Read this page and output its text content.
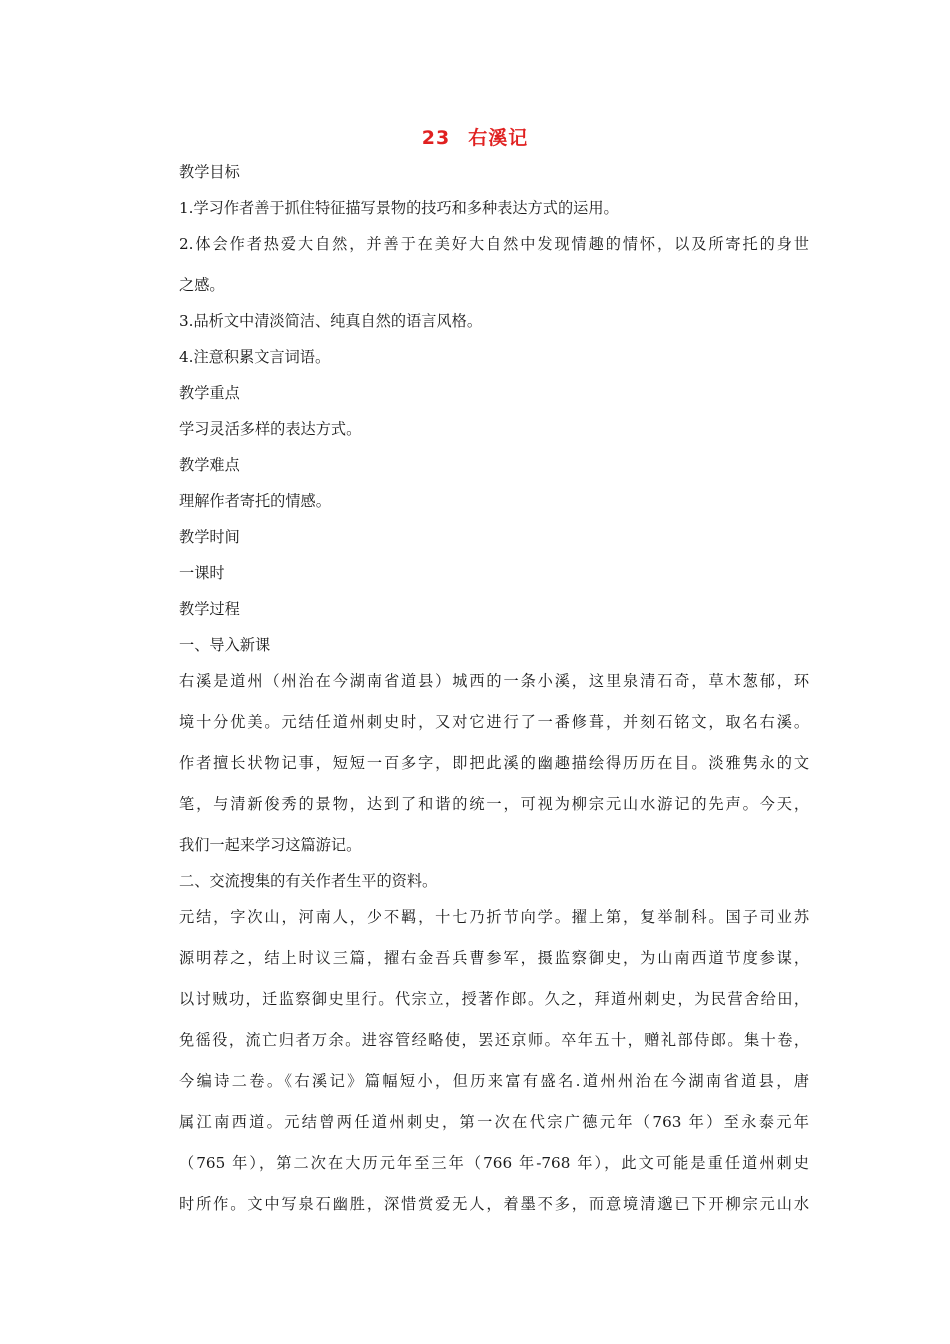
23 右溪记
教学目标
1.学习作者善于抓住特征描写景物的技巧和多种表达方式的运用。
2.体会作者热爱大自然，并善于在美好大自然中发现情趣的情怀，以及所寄托的身世
之感。
3.品析文中清淡简洁、纯真自然的语言风格。
4.注意积累文言词语。
教学重点
学习灵活多样的表达方式。
教学难点
理解作者寄托的情感。
教学时间
一课时
教学过程
一、导入新课
右溪是道州（州治在今湖南省道县）城西的一条小溪，这里泉清石奇，草木葱郁，环
境十分优美。元结任道州刺史时，又对它进行了一番修葺，并刻石铭文，取名右溪。
作者擅长状物记事，短短一百多字，即把此溪的幽趣描绘得历历在目。淡雅隽永的文
笔，与清新俊秀的景物，达到了和谐的统一，可视为柳宗元山水游记的先声。今天，
我们一起来学习这篇游记。
二、交流搜集的有关作者生平的资料。
元结，字次山，河南人，少不羁，十七乃折节向学。擢上第，复举制科。国子司业苏
源明荐之，结上时议三篇，擢右金吾兵曹参军，摄监察御史，为山南西道节度参谋，
以讨贼功，迁监察御史里行。代宗立，授著作郎。久之，拜道州刺史，为民营舍给田，
免徭役，流亡归者万余。进容管经略使，罢还京师。卒年五十，赠礼部侍郎。集十卷，
今编诗二卷。《右溪记》篇幅短小，但历来富有盛名.道州州治在今湖南省道县，唐
属江南西道。元结曾两任道州刺史，第一次在代宗广德元年（763 年）至永泰元年
（765 年），第二次在大历元年至三年（766 年-768 年），此文可能是重任道州刺史
时所作。文中写泉石幽胜，深惜赏爱无人，着墨不多，而意境清邈已下开柳宗元山水
